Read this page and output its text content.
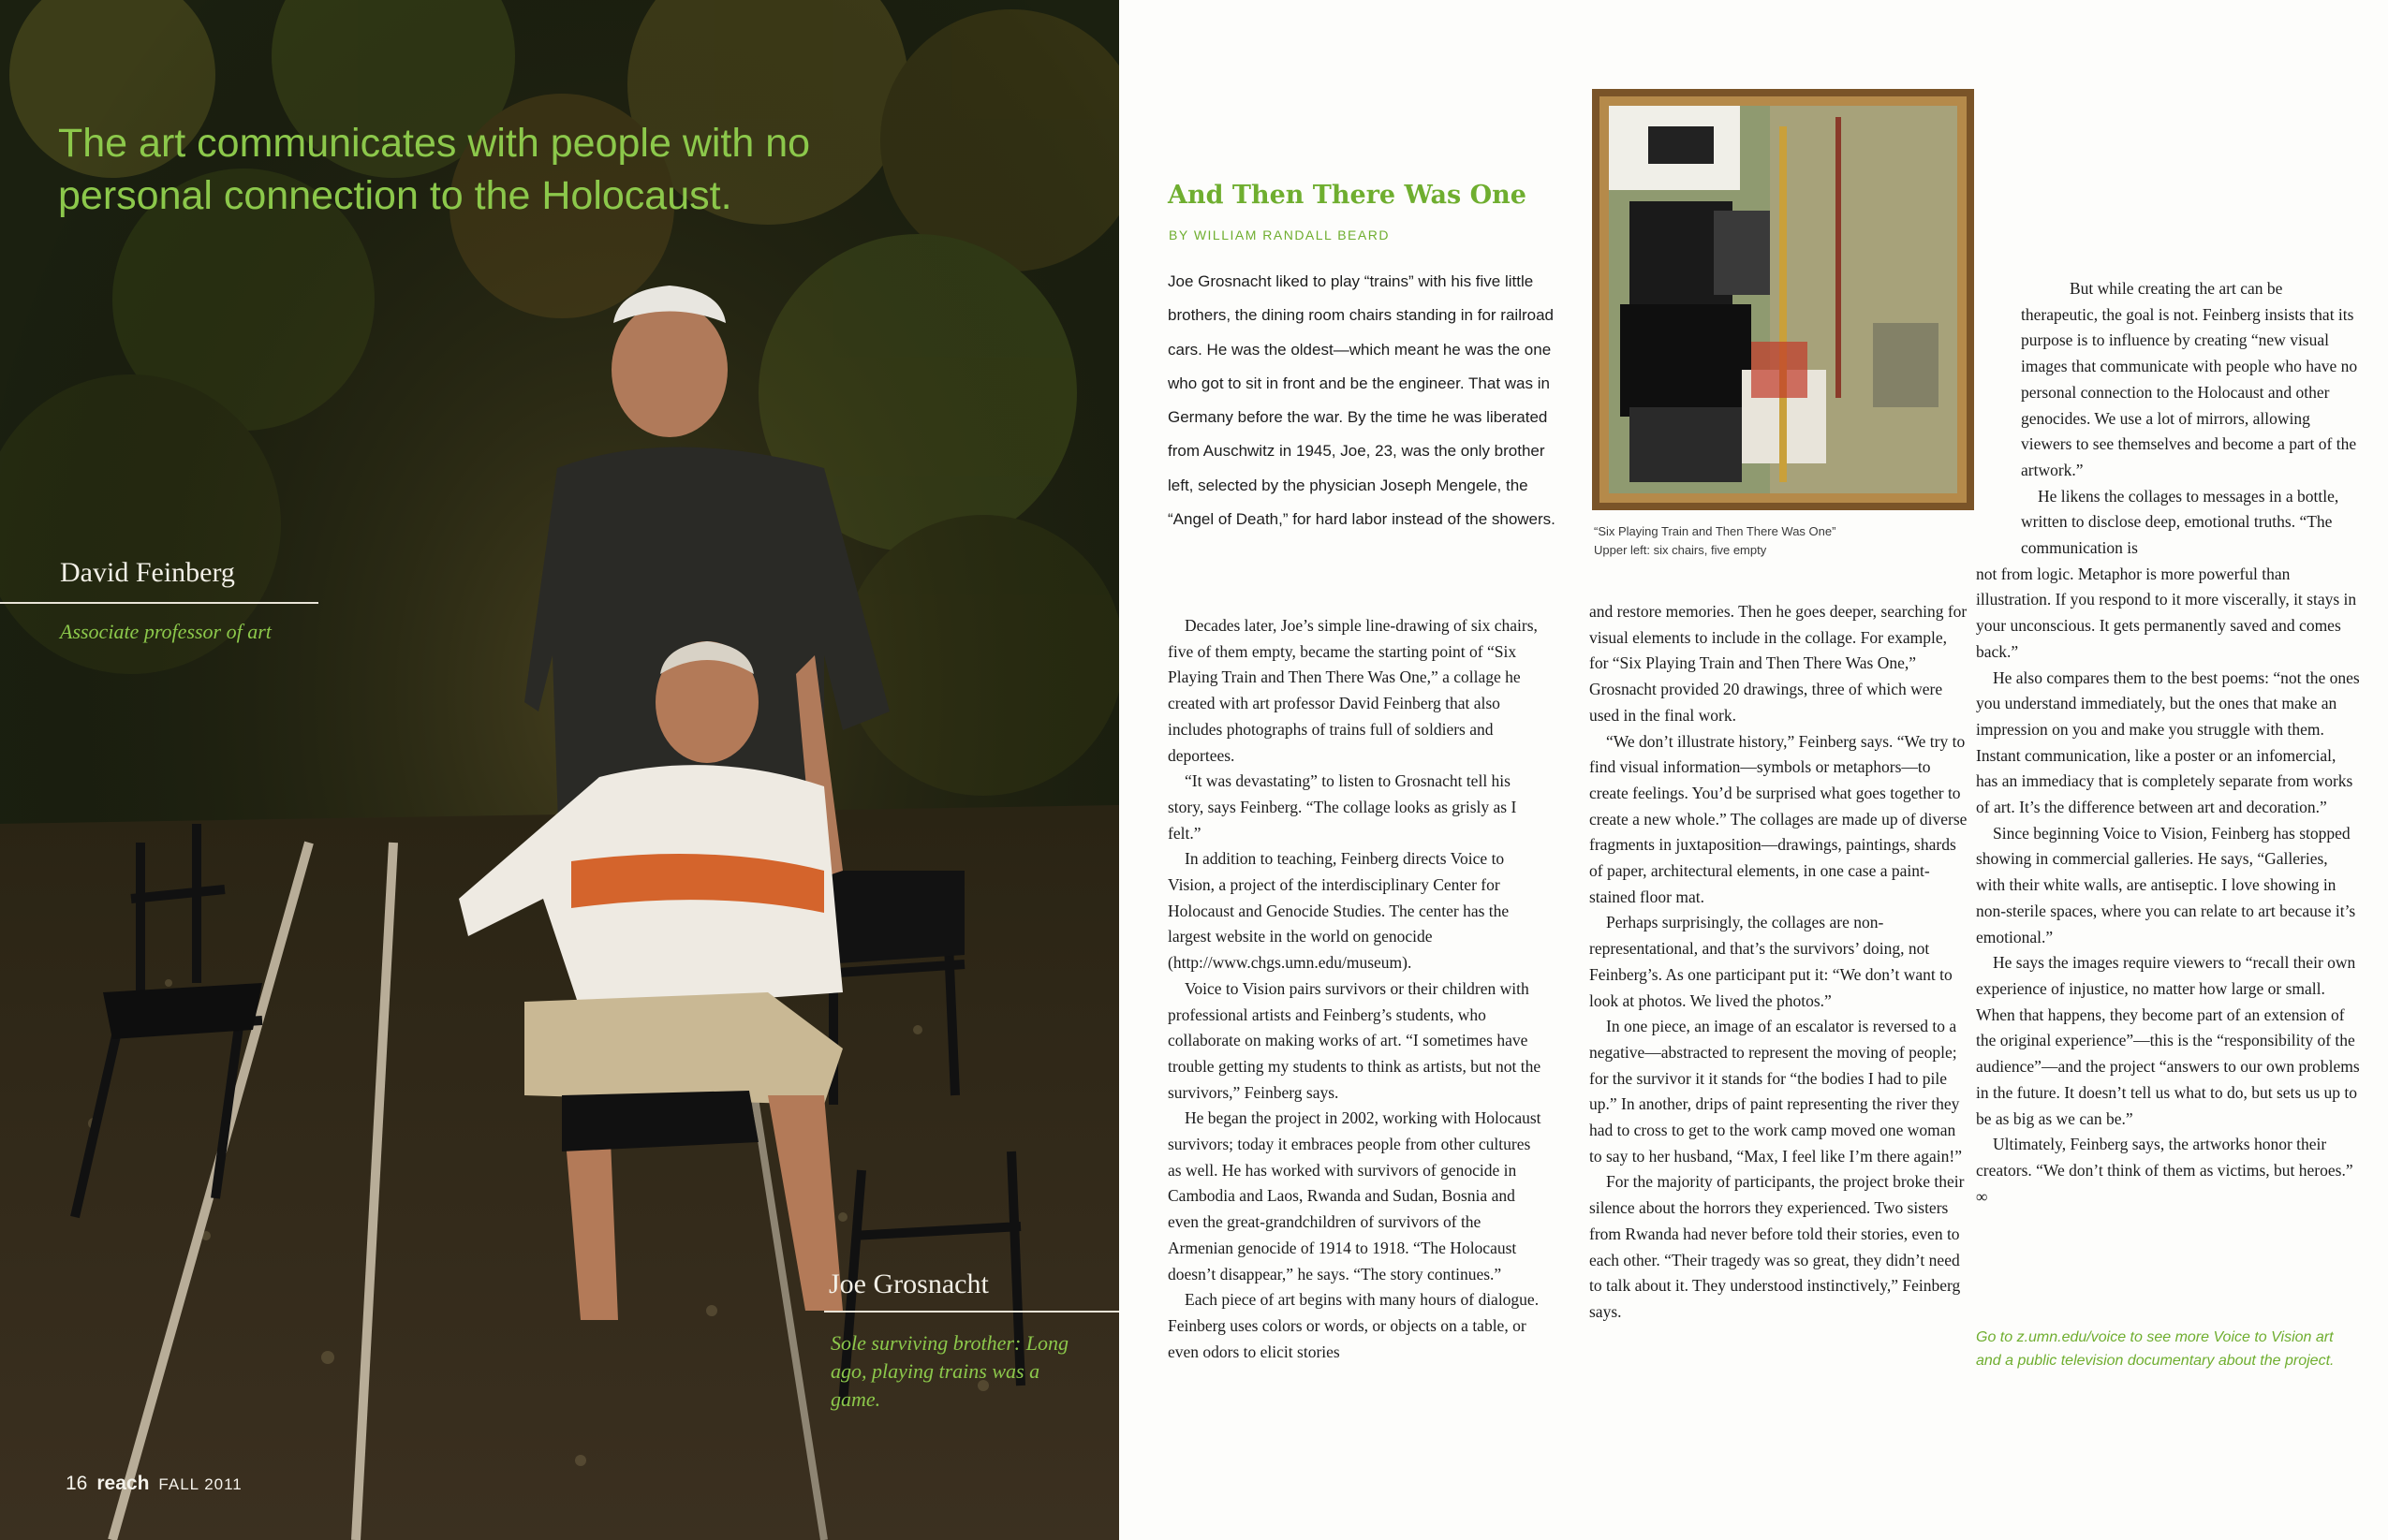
The art communicates with people with no personal connection to the Holocaust.
David Feinberg
Associate professor of art
Joe Grosnacht
Sole surviving brother: Long ago, playing trains was a game.
16 reach FALL 2011
And Then There Was One
BY WILLIAM RANDALL BEARD
Joe Grosnacht liked to play “trains” with his five little brothers, the dining room chairs standing in for railroad cars. He was the oldest—which meant he was the one who got to sit in front and be the engineer. That was in Germany before the war. By the time he was liberated from Auschwitz in 1945, Joe, 23, was the only brother left, selected by the physician Joseph Mengele, the “Angel of Death,” for hard labor instead of the showers.

Decades later, Joe’s simple line-drawing of six chairs, five of them empty, became the starting point of “Six Playing Train and Then There Was One,” a collage he created with art professor David Feinberg that also includes photographs of trains full of soldiers and deportees.

“It was devastating” to listen to Grosnacht tell his story, says Feinberg. “The collage looks as grisly as I felt.”

In addition to teaching, Feinberg directs Voice to Vision, a project of the interdisciplinary Center for Holocaust and Genocide Studies. The center has the largest website in the world on genocide (http://www.chgs.umn.edu/museum).

Voice to Vision pairs survivors or their children with professional artists and Feinberg’s students, who collaborate on making works of art. “I sometimes have trouble getting my students to think as artists, but not the survivors,” Feinberg says.

He began the project in 2002, working with Holocaust survivors; today it embraces people from other cultures as well. He has worked with survivors of genocide in Cambodia and Laos, Rwanda and Sudan, Bosnia and even the great-grandchildren of survivors of the Armenian genocide of 1914 to 1918. “The Holocaust doesn’t disappear,” he says. “The story continues.”

Each piece of art begins with many hours of dialogue. Feinberg uses colors or words, or objects on a table, or even odors to elicit stories

“Six Playing Train and Then There Was One”
Upper left: six chairs, five empty

and restore memories. Then he goes deeper, searching for visual elements to include in the collage. For example, for “Six Playing Train and Then There Was One,” Grosnacht provided 20 drawings, three of which were used in the final work.

“We don’t illustrate history,” Feinberg says. “We try to find visual information—symbols or metaphors—to create feelings. You’d be surprised what goes together to create a new whole.” The collages are made up of diverse fragments in juxtaposition—drawings, paintings, shards of paper, architectural elements, in one case a paint-stained floor mat.

Perhaps surprisingly, the collages are non-representational, and that’s the survivors’ doing, not Feinberg’s. As one participant put it: “We don’t want to look at photos. We lived the photos.”

In one piece, an image of an escalator is reversed to a negative—abstracted to represent the moving of people; for the survivor it it stands for “the bodies I had to pile up.” In another, drips of paint representing the river they had to cross to get to the work camp moved one woman to say to her husband, “Max, I feel like I’m there again!”

For the majority of participants, the project broke their silence about the horrors they experienced. Two sisters from Rwanda had never before told their stories, even to each other. “Their tragedy was so great, they didn’t need to talk about it. They understood instinctively,” Feinberg says.

But while creating the art can be therapeutic, the goal is not. Feinberg insists that its purpose is to influence by creating “new visual images that communicate with people who have no personal connection to the Holocaust and other genocides. We use a lot of mirrors, allowing viewers to see themselves and become a part of the artwork.”

He likens the collages to messages in a bottle, written to disclose deep, emotional truths. “The communication is

not from logic. Metaphor is more powerful than illustration. If you respond to it more viscerally, it stays in your unconscious. It gets permanently saved and comes back.”

He also compares them to the best poems: “not the ones you understand immediately, but the ones that make an impression on you and make you struggle with them. Instant communication, like a poster or an infomercial, has an immediacy that is completely separate from works of art. It’s the difference between art and decoration.”

Since beginning Voice to Vision, Feinberg has stopped showing in commercial galleries. He says, “Galleries, with their white walls, are antiseptic. I love showing in non-sterile spaces, where you can relate to art because it’s emotional.”

He says the images require viewers to “recall their own experience of injustice, no matter how large or small. When that happens, they become part of an extension of the original experience”—this is the “responsibility of the audience”—and the project “answers to our own problems in the future. It doesn’t tell us what to do, but sets us up to be as big as we can be.”

Ultimately, Feinberg says, the artworks honor their creators. “We don’t think of them as victims, but heroes.” ∞

Go to z.umn.edu/voice to see more Voice to Vision art and a public television documentary about the project.
